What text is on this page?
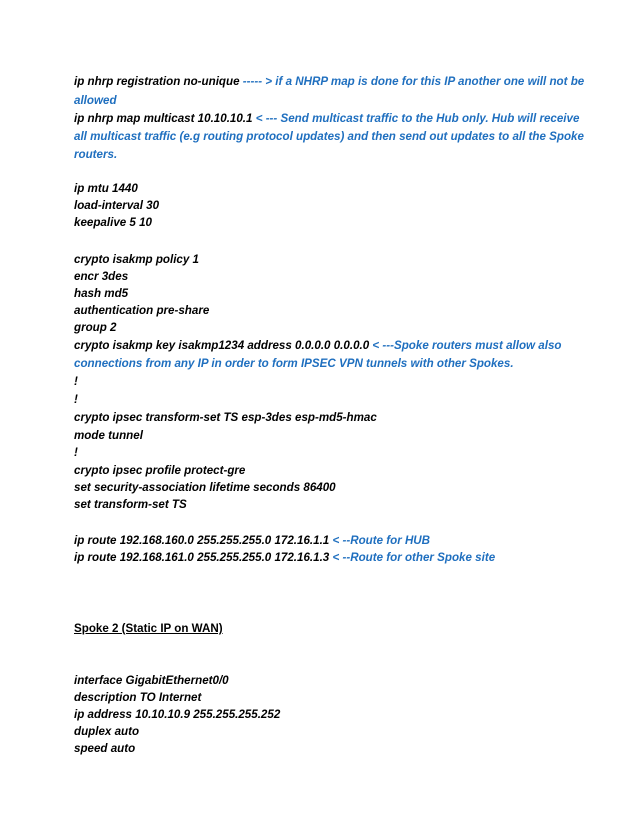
ip nhrp registration no-unique ----- > if a NHRP map is done for this IP another one will not be
allowed
ip nhrp map multicast 10.10.10.1 < --- Send multicast traffic to the Hub only. Hub will receive
all multicast traffic (e.g routing protocol updates) and then send out updates to all the Spoke
routers.
ip mtu 1440
load-interval 30
keepalive 5 10
crypto isakmp policy 1
encr 3des
hash md5
authentication pre-share
group 2
crypto isakmp key isakmp1234 address 0.0.0.0 0.0.0.0 < ---Spoke routers must allow also
connections from any IP in order to form IPSEC VPN tunnels with other Spokes.
!
!
crypto ipsec transform-set TS esp-3des esp-md5-hmac
mode tunnel
!
crypto ipsec profile protect-gre
set security-association lifetime seconds 86400
set transform-set TS
ip route 192.168.160.0 255.255.255.0 172.16.1.1 < --Route for HUB
ip route 192.168.161.0 255.255.255.0 172.16.1.3 < --Route for other Spoke site
Spoke 2 (Static IP on WAN)
interface GigabitEthernet0/0
description TO Internet
ip address 10.10.10.9 255.255.255.252
duplex auto
speed auto
